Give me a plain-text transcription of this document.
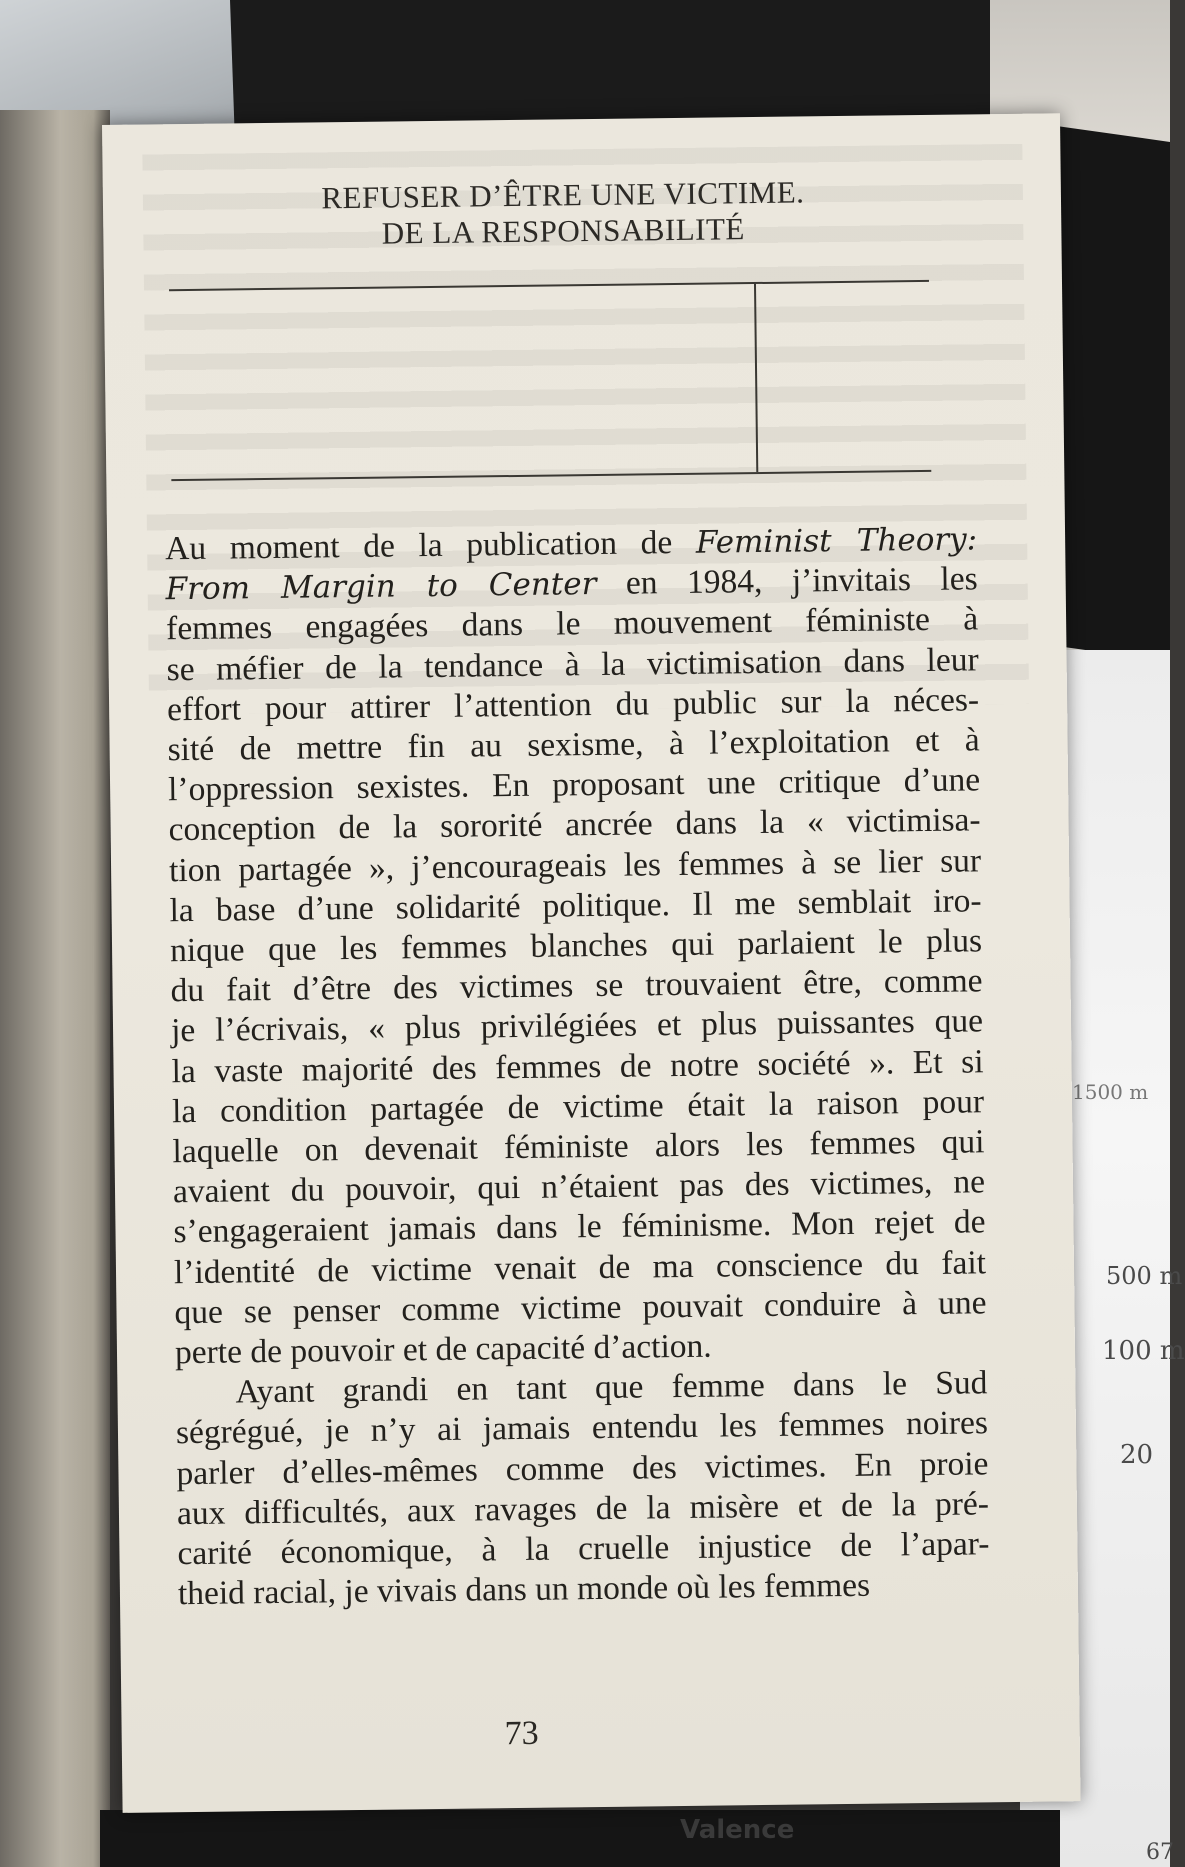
1500 m
500 m
100 m
20
67
Valence
REFUSER D’ÊTRE UNE VICTIME.
DE LA RESPONSABILITÉ
Au moment de la publication de Feminist Theory:
From Margin to Center en 1984, j’invitais les
femmes engagées dans le mouvement féministe à
se méfier de la tendance à la victimisation dans leur
effort pour attirer l’attention du public sur la néces-
sité de mettre fin au sexisme, à l’exploitation et à
l’oppression sexistes. En proposant une critique d’une
conception de la sororité ancrée dans la « victimisa-
tion partagée », j’encourageais les femmes à se lier sur
la base d’une solidarité politique. Il me semblait iro-
nique que les femmes blanches qui parlaient le plus
du fait d’être des victimes se trouvaient être, comme
je l’écrivais, « plus privilégiées et plus puissantes que
la vaste majorité des femmes de notre société ». Et si
la condition partagée de victime était la raison pour
laquelle on devenait féministe alors les femmes qui
avaient du pouvoir, qui n’étaient pas des victimes, ne
s’engageraient jamais dans le féminisme. Mon rejet de
l’identité de victime venait de ma conscience du fait
que se penser comme victime pouvait conduire à une
perte de pouvoir et de capacité d’action.
Ayant grandi en tant que femme dans le Sud
ségrégué, je n’y ai jamais entendu les femmes noires
parler d’elles-mêmes comme des victimes. En proie
aux difficultés, aux ravages de la misère et de la pré-
carité économique, à la cruelle injustice de l’apar-
theid racial, je vivais dans un monde où les femmes
73
